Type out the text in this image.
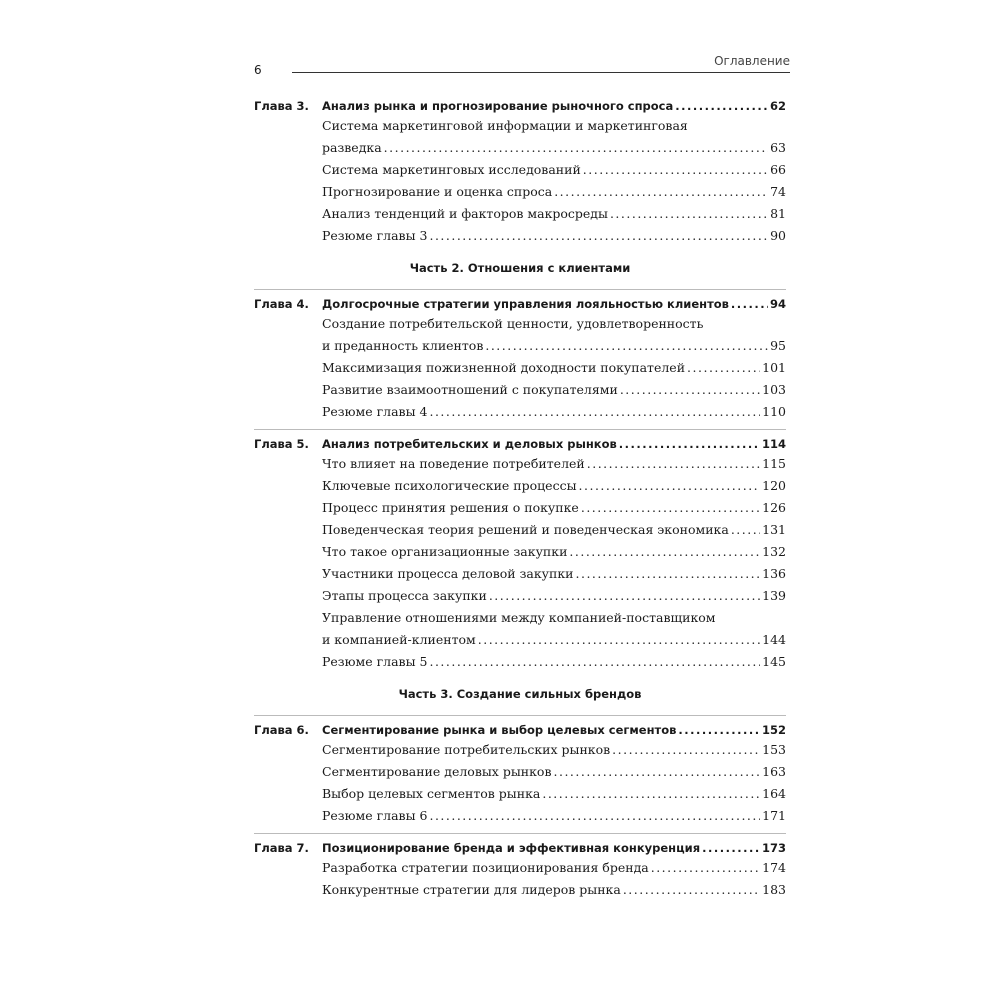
6
Оглавление
Глава 3.	Анализ рынка и прогнозирование рыночного спроса .....	62
Система маркетинговой информации и маркетинговая
разведка .....	63
Система маркетинговых исследований .....	66
Прогнозирование и оценка спроса .....	74
Анализ тенденций и факторов макросреды .....	81
Резюме главы 3 .....	90
Часть 2. Отношения с клиентами
Глава 4.	Долгосрочные стратегии управления лояльностью клиентов .....	94
Создание потребительской ценности, удовлетворенность
и преданность клиентов .....	95
Максимизация пожизненной доходности покупателей .....	101
Развитие взаимоотношений с покупателями .....	103
Резюме главы 4 .....	110
Глава 5.	Анализ потребительских и деловых рынков .....	114
Что влияет на поведение потребителей .....	115
Ключевые психологические процессы .....	120
Процесс принятия решения о покупке .....	126
Поведенческая теория решений и поведенческая экономика .....	131
Что такое организационные закупки .....	132
Участники процесса деловой закупки .....	136
Этапы процесса закупки .....	139
Управление отношениями между компанией-поставщиком
и компанией-клиентом .....	144
Резюме главы 5 .....	145
Часть 3. Создание сильных брендов
Глава 6.	Сегментирование рынка и выбор целевых сегментов .....	152
Сегментирование потребительских рынков .....	153
Сегментирование деловых рынков .....	163
Выбор целевых сегментов рынка .....	164
Резюме главы 6 .....	171
Глава 7.	Позиционирование бренда и эффективная конкуренция .....	173
Разработка стратегии позиционирования бренда .....	174
Конкурентные стратегии для лидеров рынка .....	183
